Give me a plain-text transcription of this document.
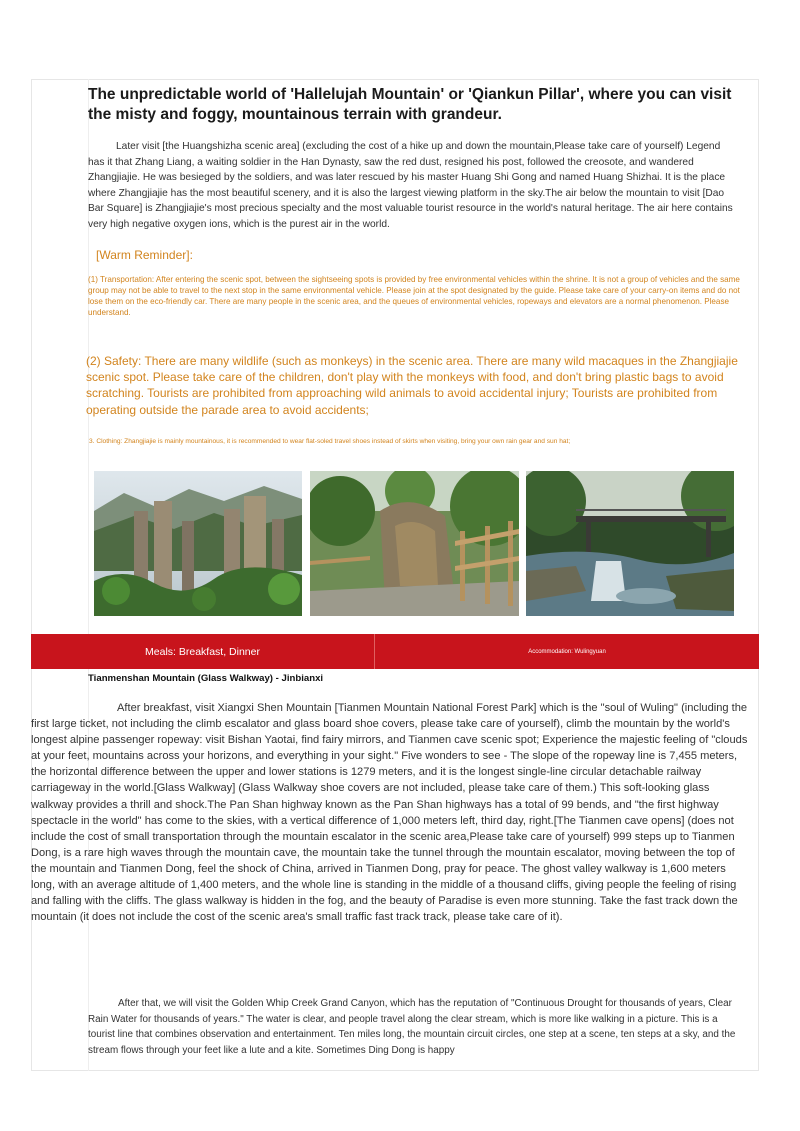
The unpredictable world of 'Hallelujah Mountain' or 'Qiankun Pillar', where you can visit the misty and foggy, mountainous terrain with grandeur.

Later visit [the Huangshizha scenic area] (excluding the cost of a hike up and down the mountain,Please take care of yourself) Legend has it that Zhang Liang, a waiting soldier in the Han Dynasty, saw the red dust, resigned his post, followed the creosote, and wandered Zhangjiajie. He was besieged by the soldiers, and was later rescued by his master Huang Shi Gong and named Huang Shizhai. It is the place where Zhangjiajie has the most beautiful scenery, and it is also the largest viewing platform in the sky.The air below the mountain to visit [Dao Bar Square] is Zhangjiajie's most precious specialty and the most valuable tourist resource in the world's natural heritage. The air here contains very high negative oxygen ions, which is the purest air in the world.

[Warm Reminder]:

(1) Transportation: After entering the scenic spot, between the sightseeing spots is provided by free environmental vehicles within the shrine. It is not a group of vehicles and the same group may not be able to travel to the next stop in the same environmental vehicle. Please join at the spot designated by the guide. Please take care of your carry-on items and do not lose them on the eco-friendly car. There are many people in the scenic area, and the queues of environmental vehicles, ropeways and elevators are a normal phenomenon. Please understand.

(2) Safety: There are many wildlife (such as monkeys) in the scenic area. There are many wild macaques in the Zhangjiajie scenic spot. Please take care of the children, don't play with the monkeys with food, and don't bring plastic bags to avoid scratching. Tourists are prohibited from approaching wild animals to avoid accidental injury; Tourists are prohibited from operating outside the parade area to avoid accidents;

3. Clothing: Zhangjiajie is mainly mountainous, it is recommended to wear flat-soled travel shoes instead of skirts when visiting, bring your own rain gear and sun hat;

Meals: Breakfast, Dinner	Accommodation: Wulingyuan
Tianmenshan Mountain (Glass Walkway) - Jinbianxi

After breakfast, visit Xiangxi Shen Mountain [Tianmen Mountain National Forest Park] which is the "soul of Wuling" (including the first large ticket, not including the climb escalator and glass board shoe covers, please take care of yourself), climb the mountain by the world's longest alpine passenger ropeway: visit Bishan Yaotai, find fairy mirrors, and Tianmen cave scenic spot; Experience the majestic feeling of "clouds at your feet, mountains across your horizons, and everything in your sight." Five wonders to see - The slope of the ropeway line is 7,455 meters, the horizontal difference between the upper and lower stations is 1279 meters, and it is the longest single-line circular detachable railway carriageway in the world.[Glass Walkway] (Glass Walkway shoe covers are not included, please take care of them.) This soft-looking glass walkway provides a thrill and shock.The Pan Shan highway known as the Pan Shan highways has a total of 99 bends, and "the first highway spectacle in the world" has come to the skies, with a vertical difference of 1,000 meters left, third day, right.[The Tianmen cave opens] (does not include the cost of small transportation through the mountain escalator in the scenic area,Please take care of yourself) 999 steps up to Tianmen Dong, is a rare high waves through the mountain cave, the mountain take the tunnel through the mountain escalator, moving between the top of the mountain and Tianmen Dong, feel the shock of China, arrived in Tianmen Dong, pray for peace. The ghost valley walkway is 1,600 meters long, with an average altitude of 1,400 meters, and the whole line is standing in the middle of a thousand cliffs, giving people the feeling of rising and falling with the cliffs. The glass walkway is hidden in the fog, and the beauty of Paradise is even more stunning. Take the fast track down the mountain (it does not include the cost of the scenic area's small traffic fast track track, please take care of it).

After that, we will visit the Golden Whip Creek Grand Canyon, which has the reputation of "Continuous Drought for thousands of years, Clear Rain Water for thousands of years." The water is clear, and people travel along the clear stream, which is more like walking in a picture. This is a tourist line that combines observation and entertainment. Ten miles long, the mountain circuit circles, one step at a scene, ten steps at a sky, and the stream flows through your feet like a lute and a kite. Sometimes Ding Dong is happy
